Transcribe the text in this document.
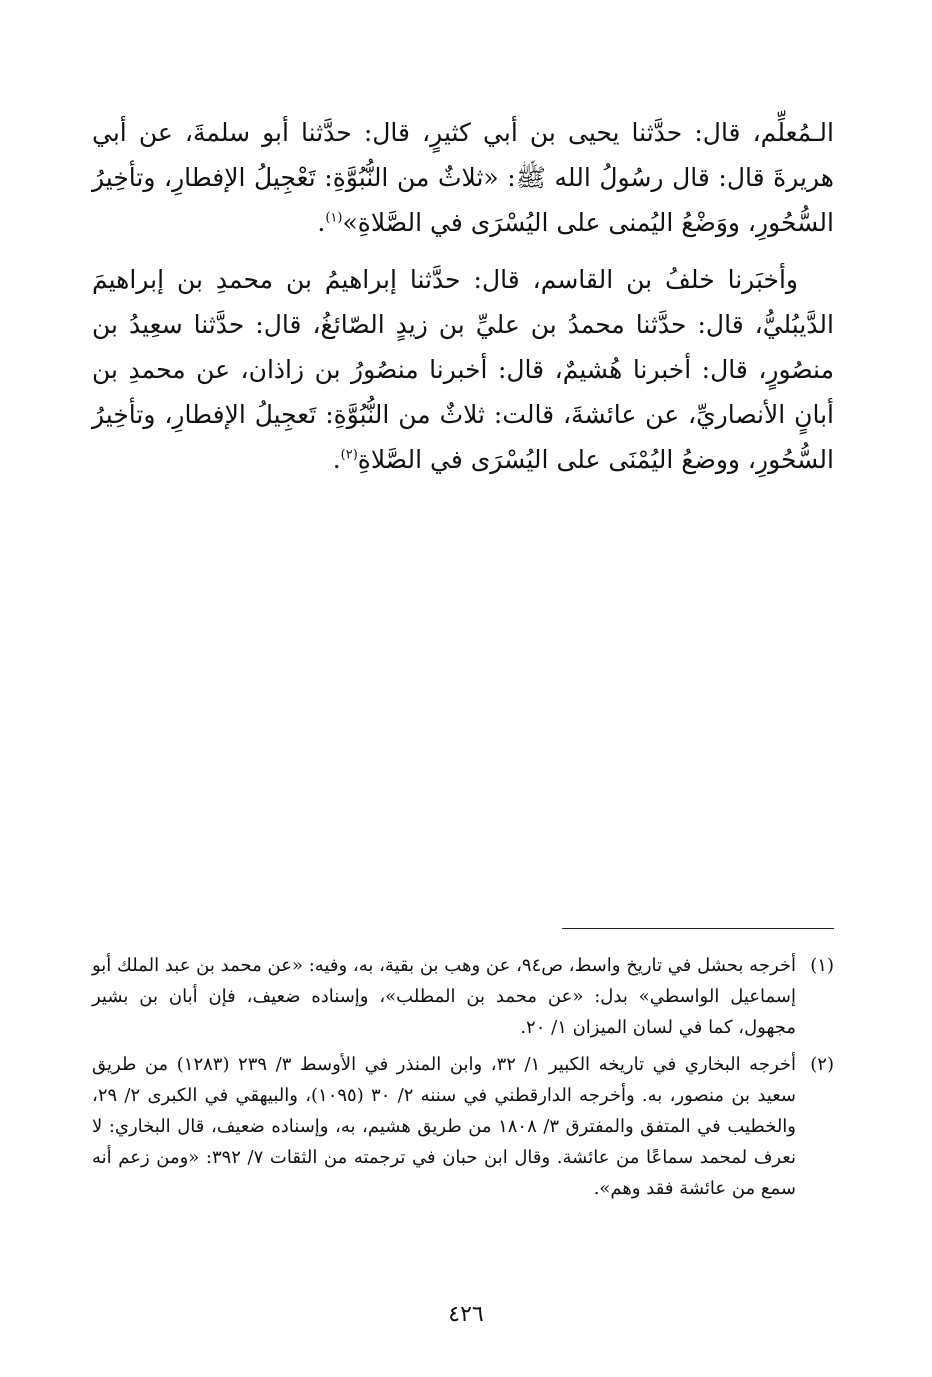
الـمُعلِّم، قال: حدَّثنا يحيى بن أبي كثيرٍ، قال: حدَّثنا أبو سلمةَ، عن أبي هريرةَ قال: قال رسُولُ الله ﷺ: «ثلاثٌ من النُّبُوَّةِ: تَعْجِيلُ الإفطارِ، وتأخِيرُ السُّحُورِ، ووَضْعُ اليُمنى على اليُسْرَى في الصَّلاةِ»$^{(١)}$.

وأخبَرنا خلفُ بن القاسم، قال: حدَّثنا إبراهيمُ بن محمدِ بن إبراهيمَ الدَّيبُليُّ، قال: حدَّثنا محمدُ بن عليِّ بن زيدٍ الصّائغُ، قال: حدَّثنا سعِيدُ بن منصُورٍ، قال: أخبرنا هُشيمٌ، قال: أخبرنا منصُورُ بن زاذان، عن محمدِ بن أبانٍ الأنصاريِّ، عن عائشةَ، قالت: ثلاثٌ من النُّبُوَّةِ: تَعجِيلُ الإفطارِ، وتأخِيرُ السُّحُورِ، ووضعُ اليُمْنَى على اليُسْرَى في الصَّلاةِ$^{(٢)}$.

(١)
أخرجه بحشل في تاريخ واسط، ص٩٤، عن وهب بن بقية، به، وفيه: «عن محمد بن عبد الملك أبو إسماعيل الواسطي» بدل: «عن محمد بن المطلب»، وإسناده ضعيف، فإن أبان بن بشير مجهول، كما في لسان الميزان ١/ ٢٠.
(٢)
أخرجه البخاري في تاريخه الكبير ١/ ٣٢، وابن المنذر في الأوسط ٣/ ٢٣٩ (١٢٨٣) من طريق سعيد بن منصور، به. وأخرجه الدارقطني في سننه ٢/ ٣٠ (١٠٩٥)، والبيهقي في الكبرى ٢/ ٢٩، والخطيب في المتفق والمفترق ٣/ ١٨٠٨ من طريق هشيم، به، وإسناده ضعيف، قال البخاري: لا نعرف لمحمد سماعًا من عائشة. وقال ابن حبان في ترجمته من الثقات ٧/ ٣٩٢: «ومن زعم أنه سمع من عائشة فقد وهم».
٤٢٦
